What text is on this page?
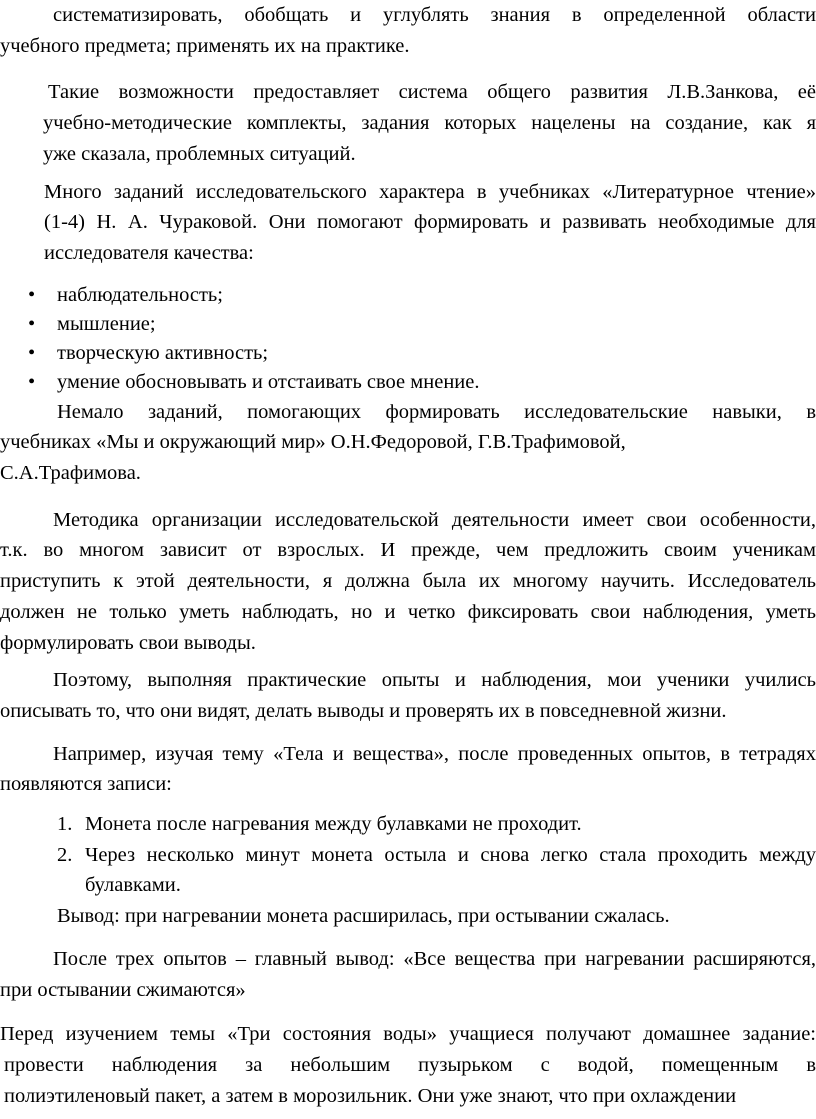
систематизировать, обобщать и углублять знания в определенной области
учебного предмета; применять их на практике.
Такие возможности предоставляет система общего развития Л.В.Занкова, её
учебно-методические комплекты, задания которых нацелены на создание, как я
уже сказала, проблемных ситуаций.
Много заданий исследовательского характера в учебниках «Литературное чтение»
(1-4) Н. А. Чураковой. Они помогают формировать и развивать необходимые для
исследователя качества:
• наблюдательность;
• мышление;
• творческую активность;
• умение обосновывать и отстаивать свое мнение.
Немало заданий, помогающих формировать исследовательские навыки, в
учебниках «Мы и окружающий мир» О.Н.Федоровой, Г.В.Трафимовой,
С.А.Трафимова.
Методика организации исследовательской деятельности имеет свои особенности,
т.к. во многом зависит от взрослых. И прежде, чем предложить своим ученикам
приступить к этой деятельности, я должна была их многому научить. Исследователь
должен не только уметь наблюдать, но и четко фиксировать свои наблюдения, уметь
формулировать свои выводы.
Поэтому, выполняя практические опыты и наблюдения, мои ученики учились
описывать то, что они видят, делать выводы и проверять их в повседневной жизни.
Например, изучая тему «Тела и вещества», после проведенных опытов, в тетрадях
появляются записи:
1. Монета после нагревания между булавками не проходит.
2. Через несколько минут монета остыла и снова легко стала проходить между
булавками.
Вывод: при нагревании монета расширилась, при остывании сжалась.
После трех опытов – главный вывод: «Все вещества при нагревании расширяются,
при остывании сжимаются»
Перед изучением темы «Три состояния воды» учащиеся получают домашнее задание:
провести наблюдения за небольшим пузырьком с водой, помещенным в
полиэтиленовый пакет, а затем в морозильник. Они уже знают, что при охлаждении
